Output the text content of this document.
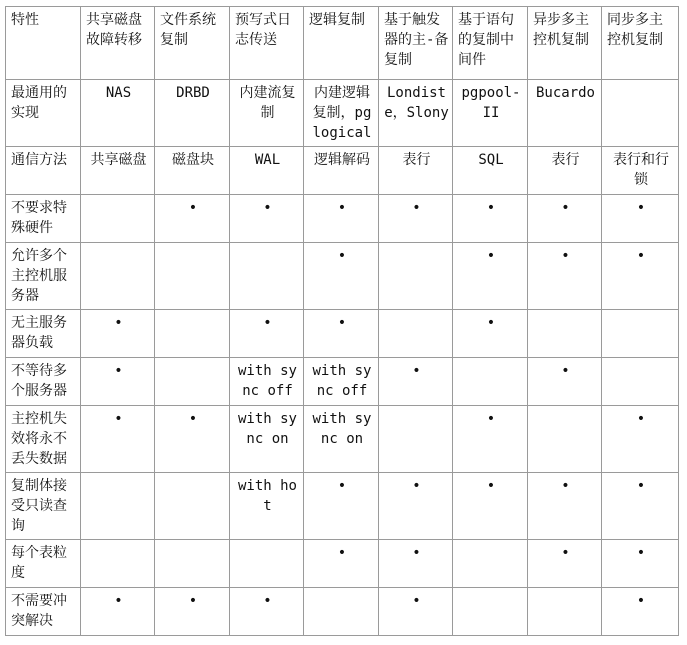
特性	共享磁盘故障转移	文件系统复制	预写式日志传送	逻辑复制	基于触发器的主-备复制	基于语句的复制中间件	异步多主控机复制	同步多主控机复制
最通用的实现	NAS	DRBD	内建流复制	内建逻辑复制，pglogical	Londiste，Slony	pgpool-II	Bucardo	
通信方法	共享磁盘	磁盘块	WAL	逻辑解码	表行	SQL	表行	表行和行锁
不要求特殊硬件		•	•	•	•	•	•	•
允许多个主控机服务器				•		•	•	•
无主服务器负载	•		•	•		•		
不等待多个服务器	•		with sync off	with sync off	•		•	
主控机失效将永不丢失数据	•	•	with sync on	with sync on		•		•
复制体接受只读查询			with hot	•	•	•	•	•
每个表粒度				•	•		•	•
不需要冲突解决	•	•	•		•			•
